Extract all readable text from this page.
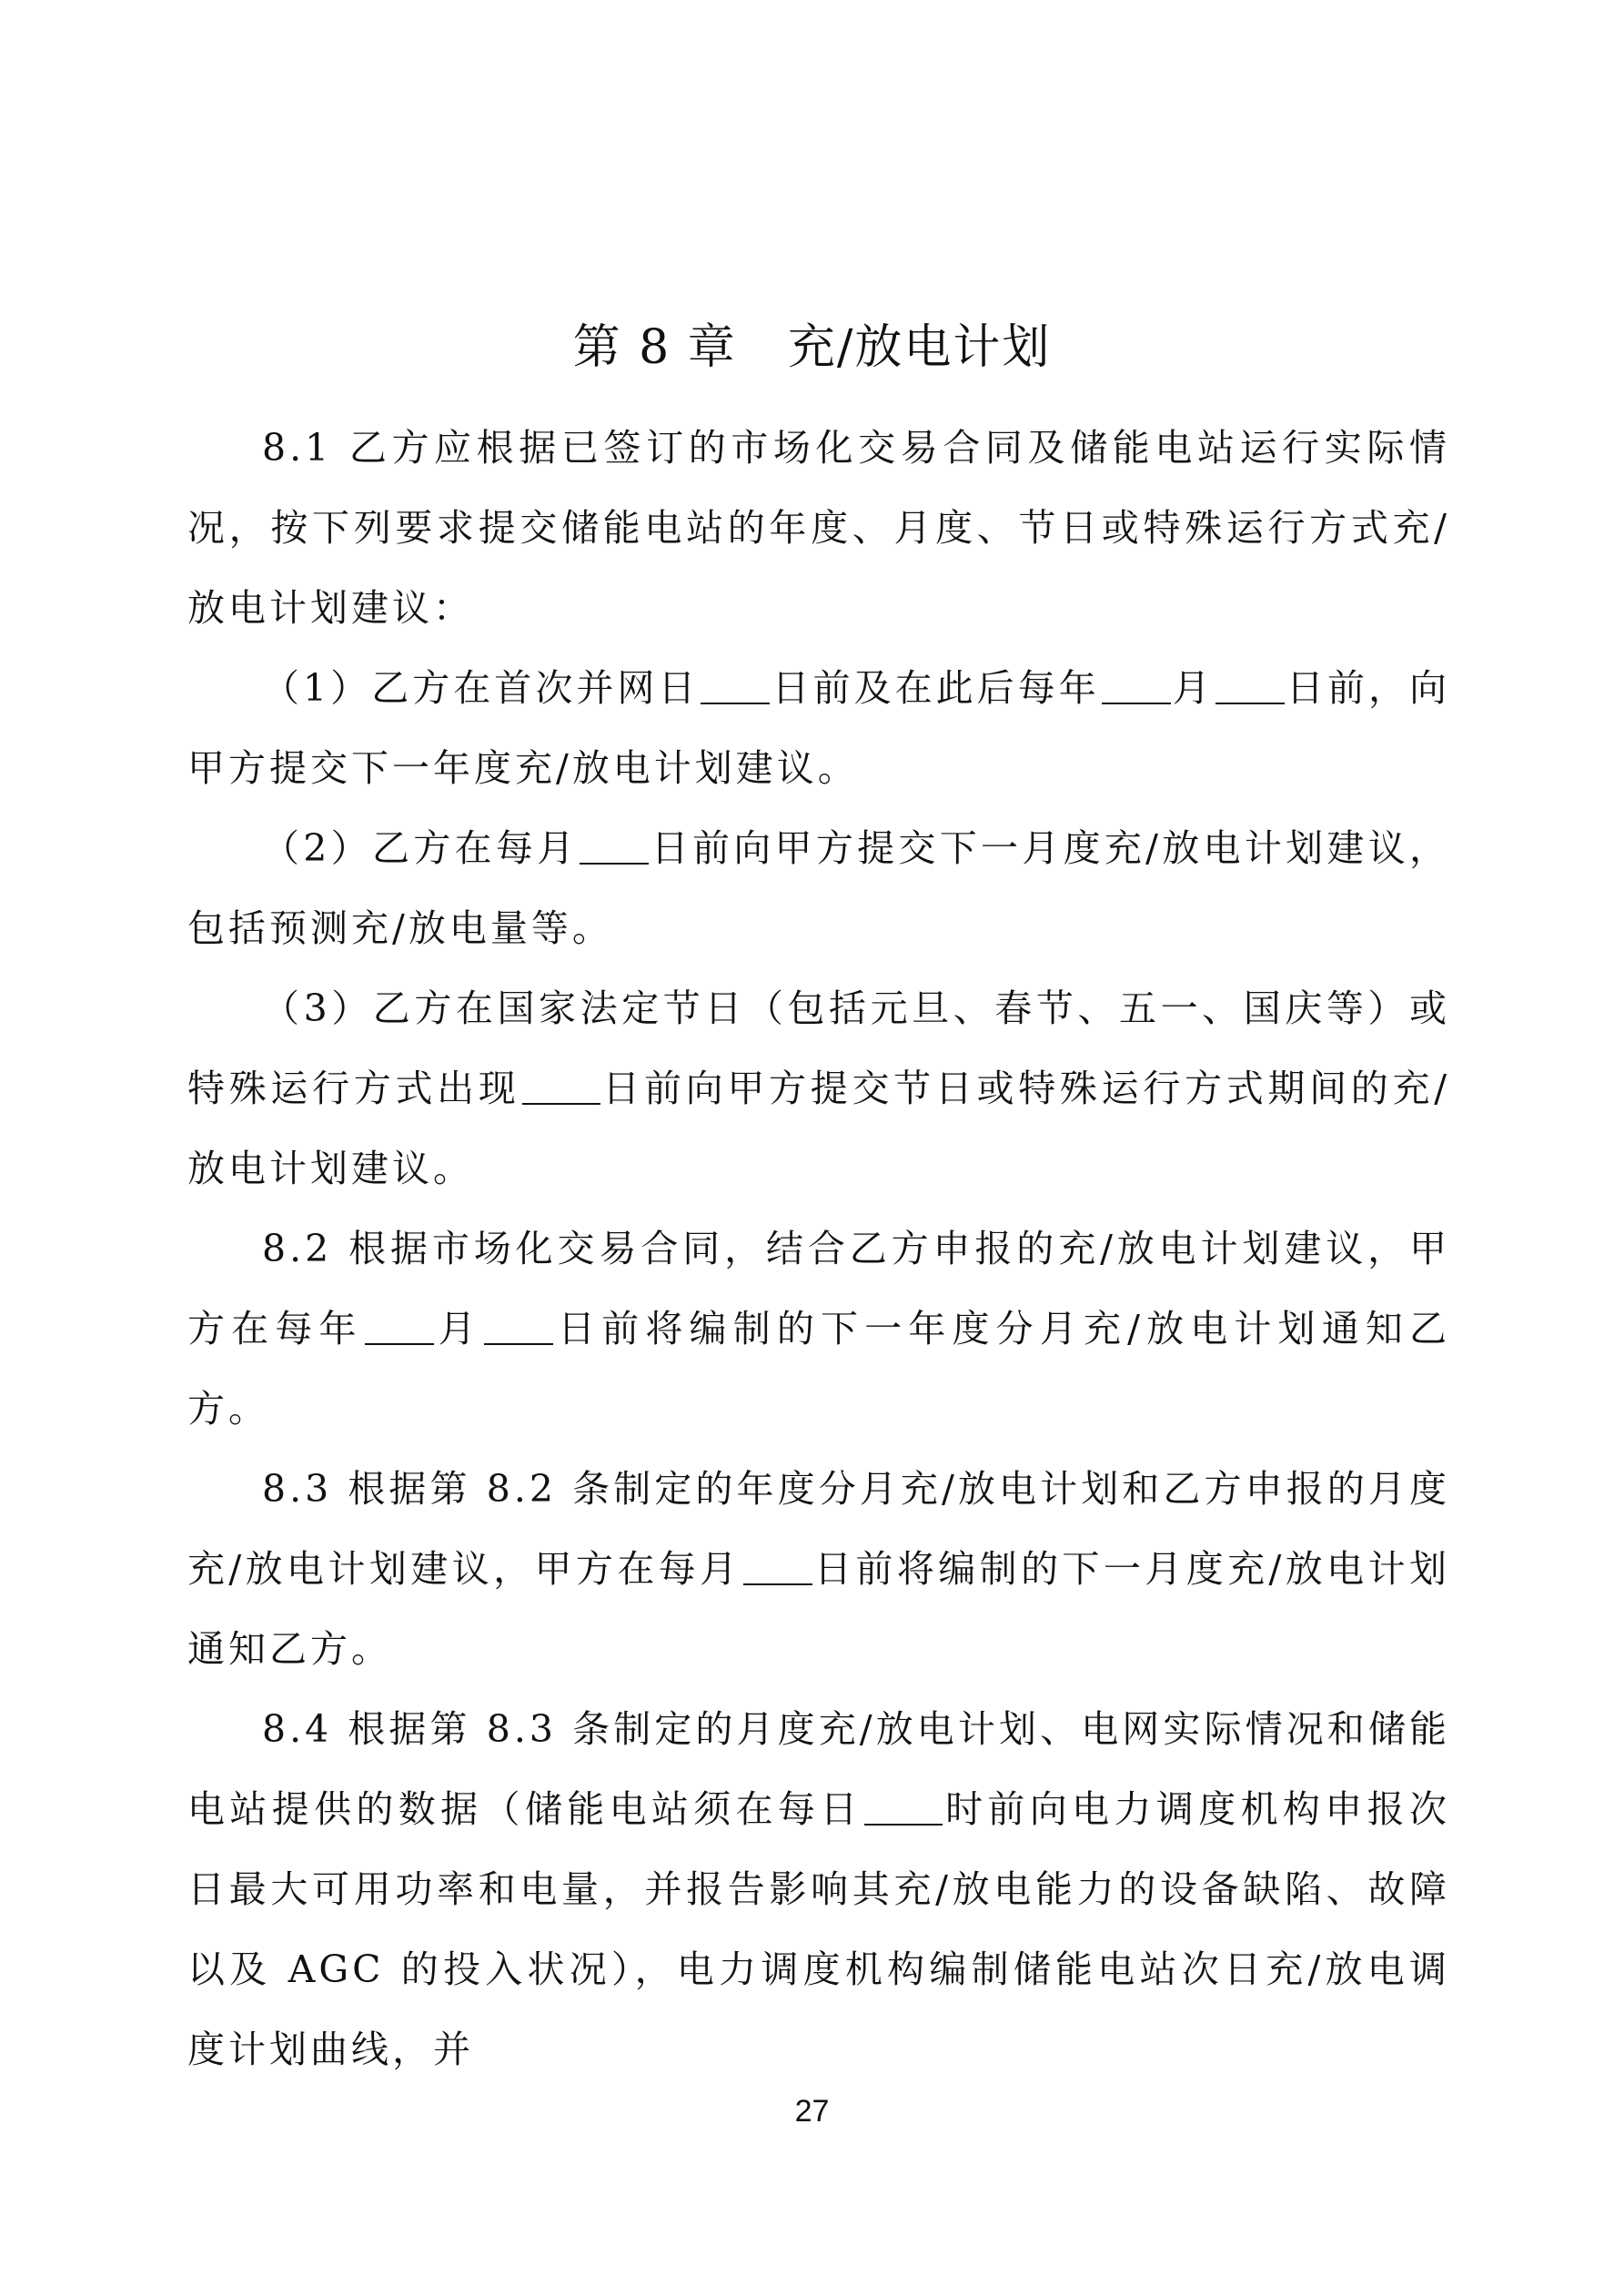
第 8 章 充/放电计划

8.1 乙方应根据已签订的市场化交易合同及储能电站运行实际情况，按下列要求提交储能电站的年度、月度、节日或特殊运行方式充/放电计划建议：

（1）乙方在首次并网日 日前及在此后每年 月 日前，向甲方提交下一年度充/放电计划建议。

（2）乙方在每月 日前向甲方提交下一月度充/放电计划建议，包括预测充/放电量等。

（3）乙方在国家法定节日（包括元旦、春节、五一、国庆等）或特殊运行方式出现 日前向甲方提交节日或特殊运行方式期间的充/放电计划建议。

8.2 根据市场化交易合同，结合乙方申报的充/放电计划建议，甲方在每年 月 日前将编制的下一年度分月充/放电计划通知乙方。

8.3 根据第 8.2 条制定的年度分月充/放电计划和乙方申报的月度充/放电计划建议，甲方在每月 日前将编制的下一月度充/放电计划通知乙方。

8.4 根据第 8.3 条制定的月度充/放电计划、电网实际情况和储能电站提供的数据（储能电站须在每日 时前向电力调度机构申报次日最大可用功率和电量，并报告影响其充/放电能力的设备缺陷、故障以及 AGC 的投入状况），电力调度机构编制储能电站次日充/放电调度计划曲线，并

27
